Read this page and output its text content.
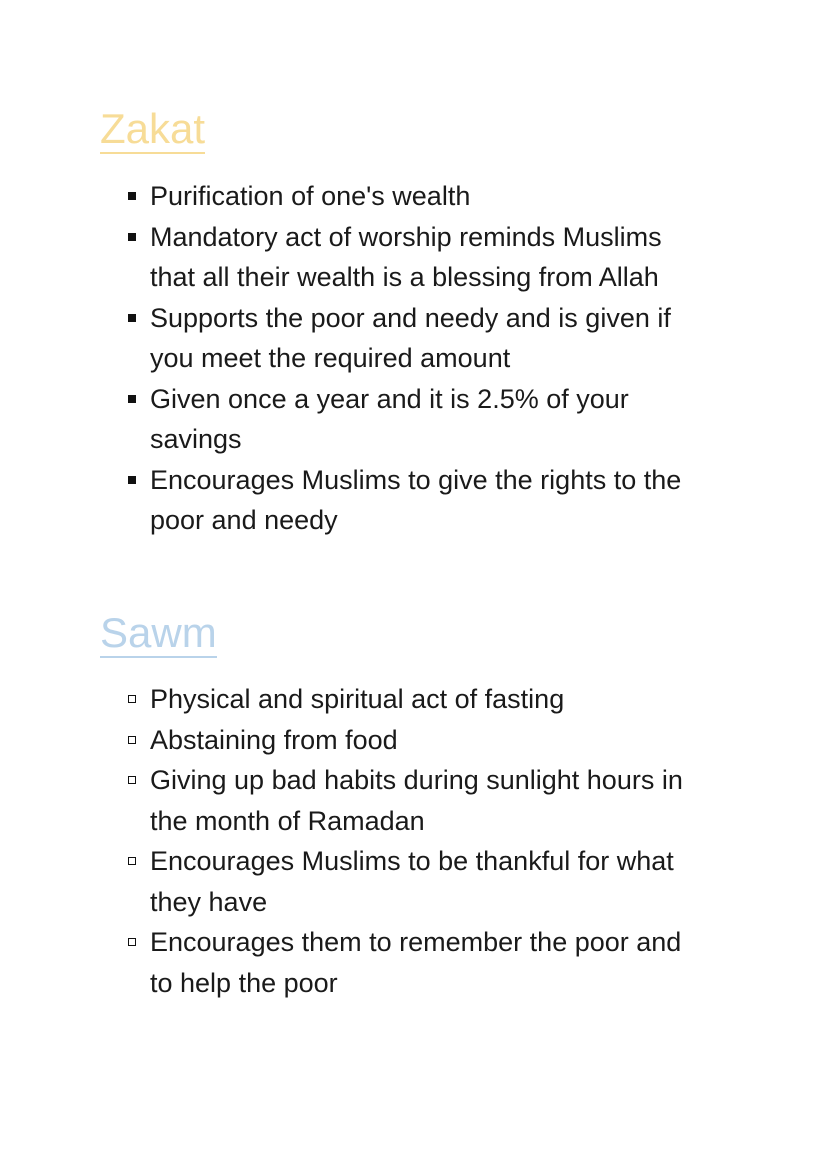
Zakat
Purification of one's wealth
Mandatory act of worship reminds Muslims that all their wealth is a blessing from Allah
Supports the poor and needy and is given if you meet the required amount
Given once a year and it is 2.5% of your savings
Encourages Muslims to give the rights to the poor and needy
Sawm
Physical and spiritual act of fasting
Abstaining from food
Giving up bad habits during sunlight hours in the month of Ramadan
Encourages Muslims to be thankful for what they have
Encourages them to remember the poor and to help the poor
